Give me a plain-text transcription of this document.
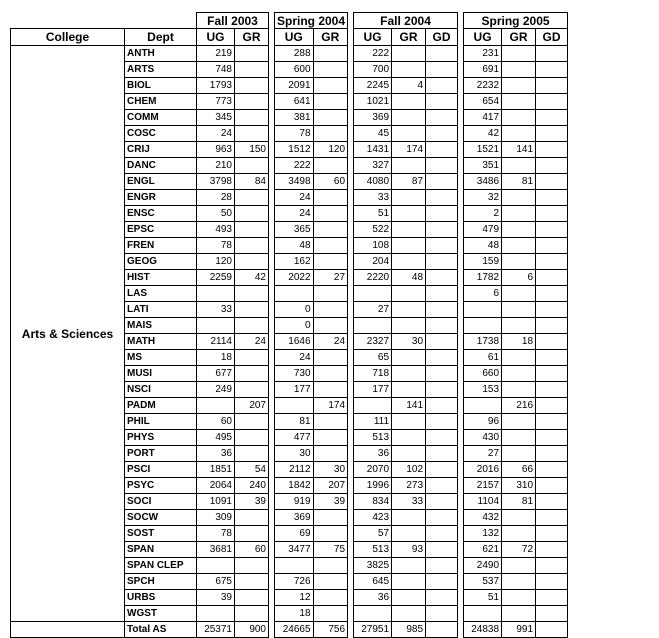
		Fall 2003			Spring 2004			Fall 2004				Spring 2005		
College	Dept	UG	GR		UG	GR		UG	GR	GD		UG	GR	GD
Arts & Sciences	ANTH	219			288			222				231		
	ARTS	748			600			700				691		
	BIOL	1793			2091			2245	4			2232		
	CHEM	773			641			1021				654		
	COMM	345			381			369				417		
	COSC	24			78			45				42		
	CRIJ	963	150		1512	120		1431	174			1521	141	
	DANC	210			222			327				351		
	ENGL	3798	84		3498	60		4080	87			3486	81	
	ENGR	28			24			33				32		
	ENSC	50			24			51				2		
	EPSC	493			365			522				479		
	FREN	78			48			108				48		
	GEOG	120			162			204				159		
	HIST	2259	42		2022	27		2220	48			1782	6	
	LAS											6		
	LATI	33			0			27						
	MAIS				0									
	MATH	2114	24		1646	24		2327	30			1738	18	
	MS	18			24			65				61		
	MUSI	677			730			718				660		
	NSCI	249			177			177				153		
	PADM		207			174			141				216	
	PHIL	60			81			111				96		
	PHYS	495			477			513				430		
	PORT	36			30			36				27		
	PSCI	1851	54		2112	30		2070	102			2016	66	
	PSYC	2064	240		1842	207		1996	273			2157	310	
	SOCI	1091	39		919	39		834	33			1104	81	
	SOCW	309			369			423				432		
	SOST	78			69			57				132		
	SPAN	3681	60		3477	75		513	93			621	72	
	SPAN CLEP							3825				2490		
	SPCH	675			726			645				537		
	URBS	39			12			36				51		
	WGST				18									
	Total AS	25371	900		24665	756		27951	985			24838	991	
